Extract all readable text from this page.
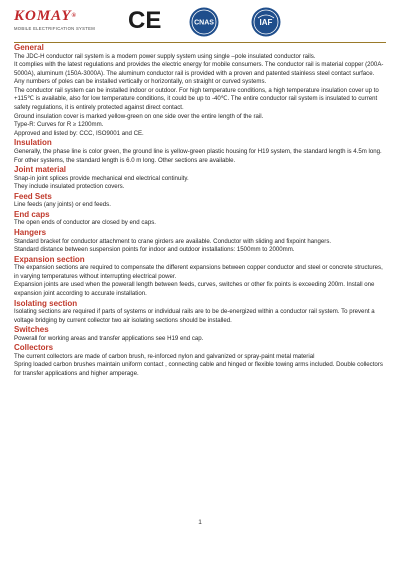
KOMAY®
MOBILE ELECTRIFICATION SYSTEM	CE	CNAS	IAF
General
The JDC-H conductor rail system is a modern power supply system using single –pole insulated conductor rails.
It complies with the latest regulations and provides the electric energy for mobile consumers. The conductor rail is material copper (200A-5000A), aluminum (150A-3000A). The aluminum conductor rail is provided with a proven and patented stainless steel contact surface. Any numbers of poles can be installed vertically or horizontally, on straight or curved systems.
The conductor rail system can be installed indoor or outdoor. For high temperature conditions, a high temperature insulation cover up to +115℃ is available, also for low temperature conditions, it could be up to -40℃. The entire conductor rail system is insulated to current safety regulations, it is entirely protected against direct contact.
Ground insulation cover is marked yellow-green on one side over the entire length of the rail.
Type-R: Curves for R ≥ 1200mm.
Approved and listed by: CCC, ISO9001 and CE.
Insulation
Generally, the phase line is color green, the ground line is yellow-green plastic housing for H19 system, the standard length is 4.5m long. For other systems, the standard length is 6.0 m long. Other sections are available.
Joint material
Snap-in joint splices provide mechanical end electrical continuity.
They include insulated protection covers.
Feed Sets
Line feeds (any joints) or end feeds.
End caps
The open ends of conductor are closed by end caps.
Hangers
Standard bracket for conductor attachment to crane girders are available. Conductor with sliding and fixpoint hangers.
Standard distance between suspension points for indoor and outdoor installations: 1500mm to 2000mm.
Expansion section
The expansion sections are required to compensate the different expansions between copper conductor and steel or concrete structures, in varying temperatures without interrupting electrical power.
Expansion joints are used when the powerall length between feeds, curves, switches or other fix points is exceeding 200m. Install one expansion joint according to accurate installation.
Isolating section
Isolating sections are required if parts of systems or individual rails are to be de-energized within a conductor rail system. To prevent a voltage bridging by current collector two air isolating sections should be installed.
Switches
Powerall for working areas and transfer applications see H19 end cap.
Collectors
The current collectors are made of carbon brush, re-inforced nylon and galvanized or spray-paint metal material
Spring loaded carbon brushes maintain uniform contact , connecting cable and hinged or flexible towing arms included. Double collectors for transfer applications and higher amperage.
1
